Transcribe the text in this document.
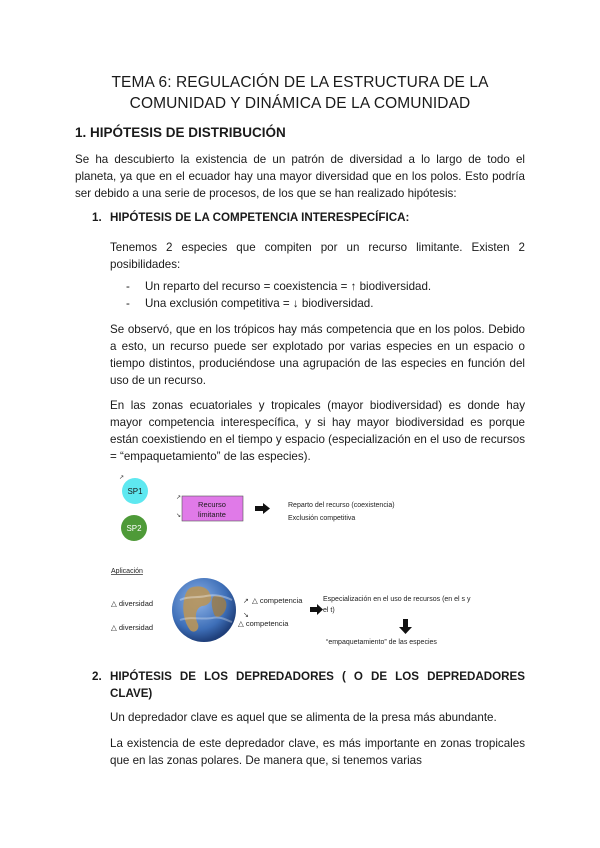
TEMA 6: REGULACIÓN DE LA ESTRUCTURA DE LA
COMUNIDAD Y DINÁMICA DE LA COMUNIDAD
1. HIPÓTESIS DE DISTRIBUCIÓN

Se ha descubierto la existencia de un patrón de diversidad a lo largo de todo el planeta, ya que en el ecuador hay una mayor diversidad que en los polos. Esto podría ser debido a una serie de procesos, de los que se han realizado hipótesis:

1. HIPÓTESIS DE LA COMPETENCIA INTERESPECÍFICA:

Tenemos 2 especies que compiten por un recurso limitante. Existen 2 posibilidades:

- Un reparto del recurso = coexistencia = ↑ biodiversidad.
- Una exclusión competitiva = ↓ biodiversidad.

Se observó, que en los trópicos hay más competencia que en los polos. Debido a esto, un recurso puede ser explotado por varias especies en un espacio o tiempo distintos, produciéndose una agrupación de las especies en función del uso de un recurso.

En las zonas ecuatoriales y tropicales (mayor biodiversidad) es donde hay mayor competencia interespecífica, y si hay mayor biodiversidad es porque están coexistiendo en el tiempo y espacio (especialización en el uso de recursos = “empaquetamiento” de las especies).

SP1
SP2
↗
↗
↘
Recurso
limitante
Reparto del recurso (coexistencia)
Exclusión competitiva
Aplicación
△ diversidad
△ diversidad
↗
↘
△ competencia
△ competencia
Especialización en el uso de recursos (en el s y
el t)
“empaquetamiento” de las especies
2. HIPÓTESIS DE LOS DEPREDADORES ( O DE LOS DEPREDADORES CLAVE)

Un depredador clave es aquel que se alimenta de la presa más abundante.

La existencia de este depredador clave, es más importante en zonas tropicales que en las zonas polares. De manera que, si tenemos varias
